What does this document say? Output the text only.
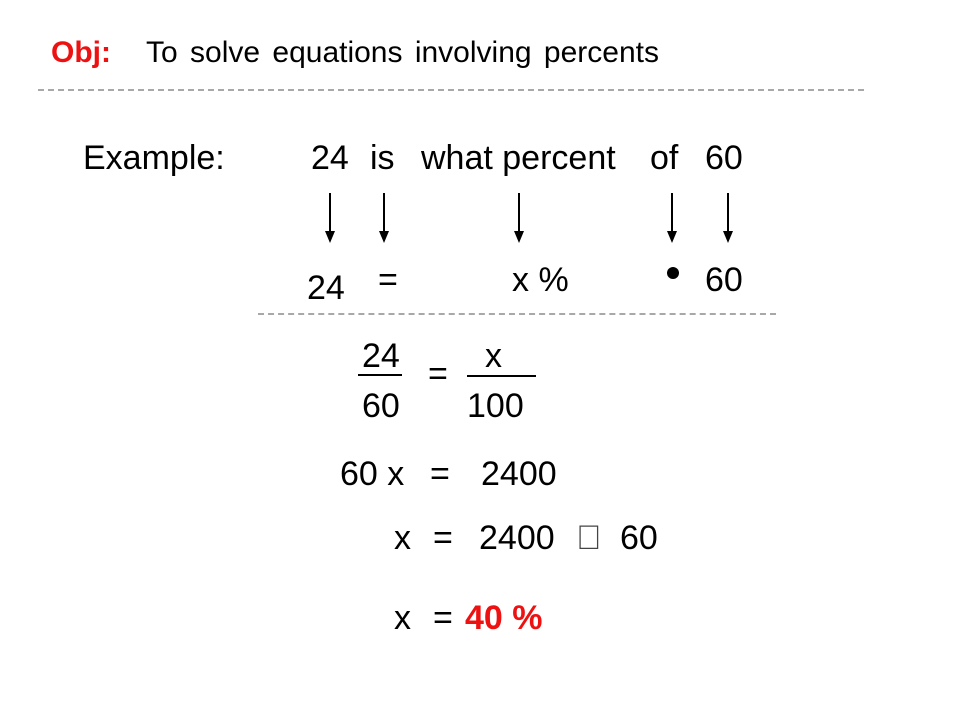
Obj: To solve equations involving percents
Example:	24 is what percent of 60
24 =	x %	60
24
60
= x
100
60 x = 2400
x = 2400 60
x = 40 %
